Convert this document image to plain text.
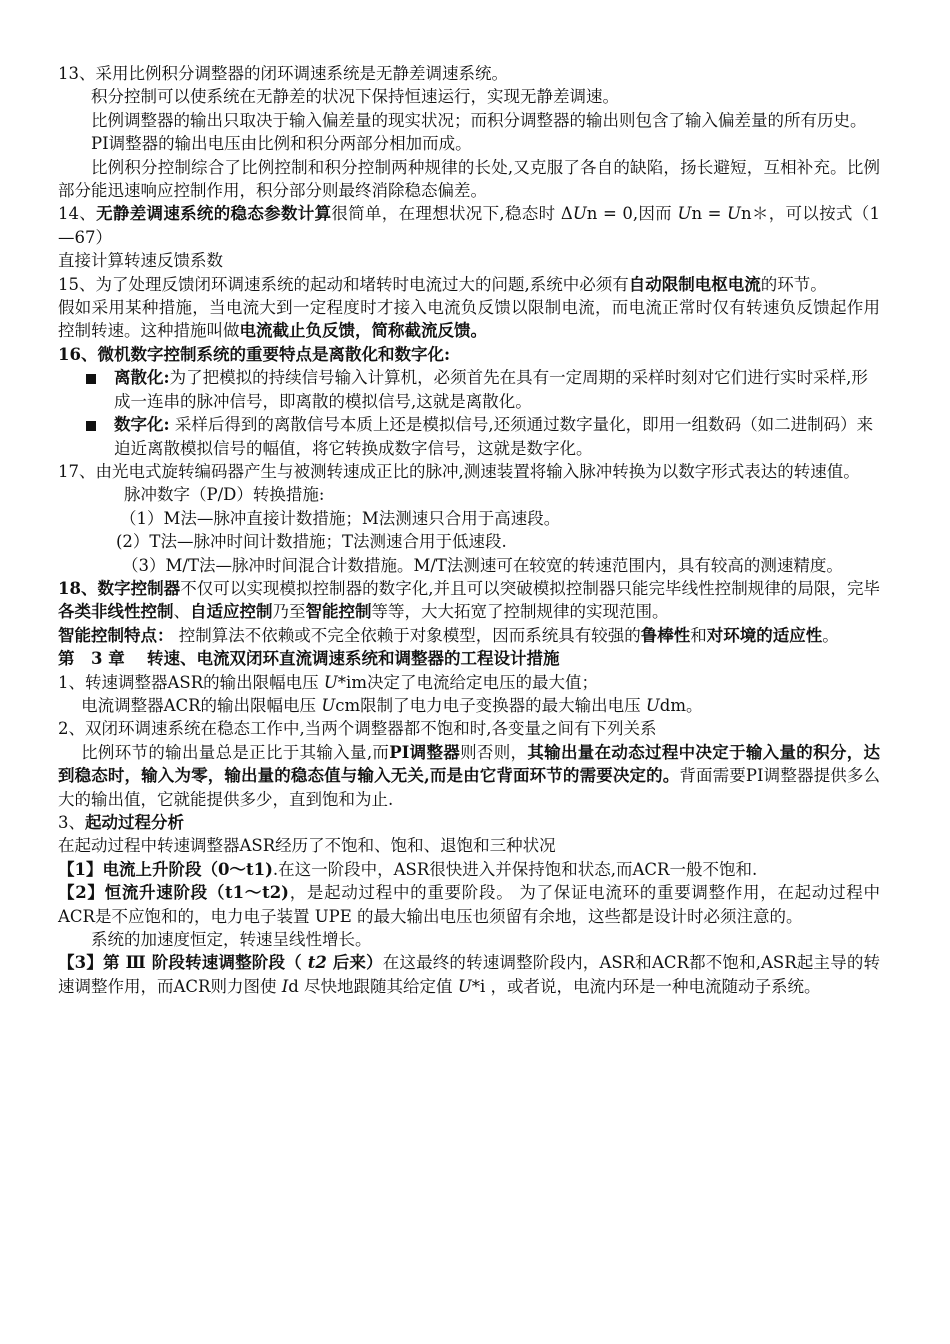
13、采用比例积分调整器的闭环调速系统是无静差调速系统。

积分控制可以使系统在无静差的状况下保持恒速运行，实现无静差调速。

比例调整器的输出只取决于输入偏差量的现实状况；而积分调整器的输出则包含了输入偏差量的所有历史。

PI调整器的输出电压由比例和积分两部分相加而成。

比例积分控制综合了比例控制和积分控制两种规律的长处,又克服了各自的缺陷，扬长避短，互相补充。比例部分能迅速响应控制作用，积分部分则最终消除稳态偏差。

14、无静差调速系统的稳态参数计算很简单，在理想状况下,稳态时 ΔUn = 0,因而 Un = Un＊，可以按式（1—67）

直接计算转速反馈系数

15、为了处理反馈闭环调速系统的起动和堵转时电流过大的问题,系统中必须有自动限制电枢电流的环节。

假如采用某种措施，当电流大到一定程度时才接入电流负反馈以限制电流，而电流正常时仅有转速负反馈起作用控制转速。这种措施叫做电流截止负反馈，简称截流反馈。

16、微机数字控制系统的重要特点是离散化和数字化:

离散化:为了把模拟的持续信号输入计算机，必须首先在具有一定周期的采样时刻对它们进行实时采样,形成一连串的脉冲信号，即离散的模拟信号,这就是离散化。
数字化: 采样后得到的离散信号本质上还是模拟信号,还须通过数字量化，即用一组数码（如二进制码）来迫近离散模拟信号的幅值，将它转换成数字信号，这就是数字化。

17、由光电式旋转编码器产生与被测转速成正比的脉冲,测速装置将输入脉冲转换为以数字形式表达的转速值。

脉冲数字（P/D）转换措施:

（1）M法—脉冲直接计数措施；M法测速只合用于高速段。

(2）T法—脉冲时间计数措施；T法测速合用于低速段.

（3）M/T法—脉冲时间混合计数措施。M/T法测速可在较宽的转速范围内，具有较高的测速精度。

18、数字控制器不仅可以实现模拟控制器的数字化,并且可以突破模拟控制器只能完毕线性控制规律的局限，完毕各类非线性控制、自适应控制乃至智能控制等等，大大拓宽了控制规律的实现范围。

智能控制特点： 控制算法不依赖或不完全依赖于对象模型，因而系统具有较强的鲁棒性和对环境的适应性。

第　3 章　 转速、电流双闭环直流调速系统和调整器的工程设计措施

1、转速调整器ASR的输出限幅电压 U*im决定了电流给定电压的最大值；

电流调整器ACR的输出限幅电压 Ucm限制了电力电子变换器的最大输出电压 Udm。

2、双闭环调速系统在稳态工作中,当两个调整器都不饱和时,各变量之间有下列关系

比例环节的输出量总是正比于其输入量,而PI调整器则否则，其输出量在动态过程中决定于输入量的积分，达到稳态时，输入为零，输出量的稳态值与输入无关,而是由它背面环节的需要决定的。背面需要PI调整器提供多么大的输出值，它就能提供多少，直到饱和为止.

3、起动过程分析

在起动过程中转速调整器ASR经历了不饱和、饱和、退饱和三种状况

【1】电流上升阶段（0～t1).在这一阶段中，ASR很快进入并保持饱和状态,而ACR一般不饱和.

【2】恒流升速阶段（t1～t2)，是起动过程中的重要阶段。 为了保证电流环的重要调整作用，在起动过程中 ACR是不应饱和的，电力电子装置 UPE 的最大输出电压也须留有余地，这些都是设计时必须注意的。

系统的加速度恒定，转速呈线性增长。

【3】第 Ⅲ 阶段转速调整阶段（ t2 后来）在这最终的转速调整阶段内，ASR和ACR都不饱和,ASR起主导的转速调整作用，而ACR则力图使 Id 尽快地跟随其给定值 U*i ，或者说，电流内环是一种电流随动子系统。
